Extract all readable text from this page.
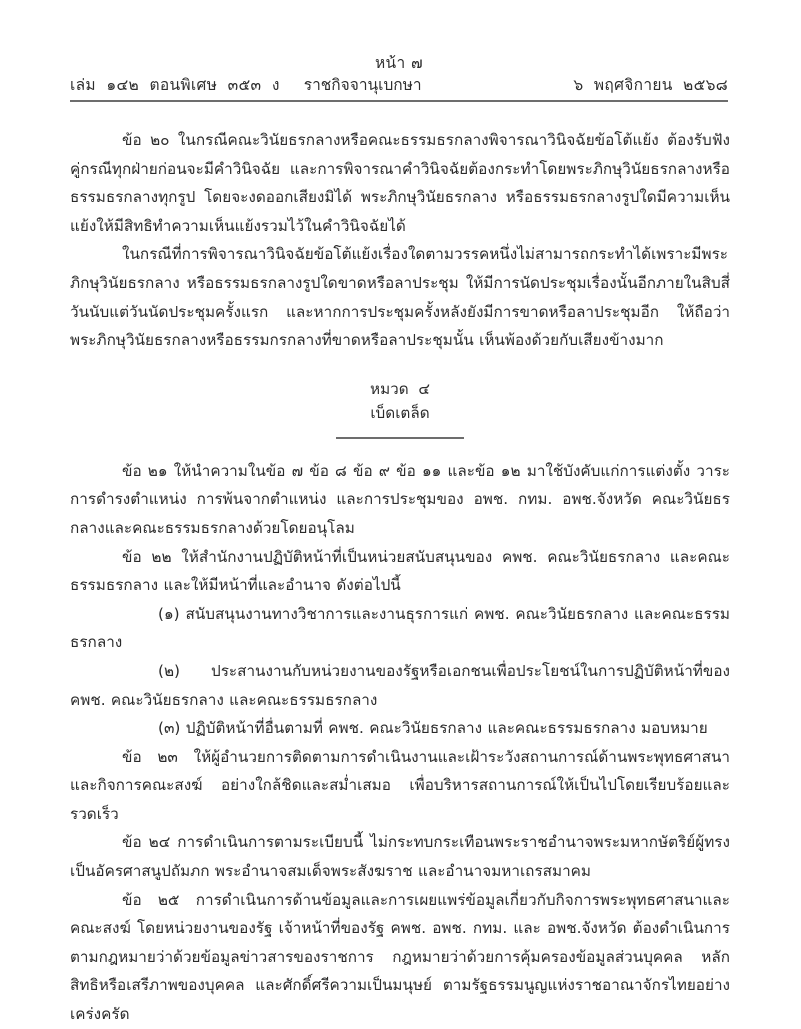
หน้า ๗
เล่ม  ๑๔๒  ตอนพิเศษ  ๓๕๓  ง ราชกิจจานุเบกษา	๖  พฤศจิกายน  ๒๕๖๘

ข้อ ๒๐ ในกรณีคณะวินัยธรกลางหรือคณะธรรมธรกลางพิจารณาวินิจฉัยข้อโต้แย้ง ต้องรับฟังคู่กรณีทุกฝ่ายก่อนจะมีคำวินิจฉัย และการพิจารณาคำวินิจฉัยต้องกระทำโดยพระภิกษุวินัยธรกลางหรือธรรมธรกลางทุกรูป โดยจะงดออกเสียงมิได้ พระภิกษุวินัยธรกลาง หรือธรรมธรกลางรูปใดมีความเห็นแย้งให้มีสิทธิทำความเห็นแย้งรวมไว้ในคำวินิจฉัยได้

ในกรณีที่การพิจารณาวินิจฉัยข้อโต้แย้งเรื่องใดตามวรรคหนึ่งไม่สามารถกระทำได้เพราะมีพระภิกษุวินัยธรกลาง หรือธรรมธรกลางรูปใดขาดหรือลาประชุม ให้มีการนัดประชุมเรื่องนั้นอีกภายในสิบสี่วันนับแต่วันนัดประชุมครั้งแรก และหากการประชุมครั้งหลังยังมีการขาดหรือลาประชุมอีก ให้ถือว่าพระภิกษุวินัยธรกลางหรือธรรมกรกลางที่ขาดหรือลาประชุมนั้น เห็นพ้องด้วยกับเสียงข้างมาก

หมวด  ๔
เบ็ดเตล็ด

ข้อ ๒๑ ให้นำความในข้อ ๗ ข้อ ๘ ข้อ ๙ ข้อ ๑๑ และข้อ ๑๒ มาใช้บังคับแก่การแต่งตั้ง วาระการดำรงตำแหน่ง การพ้นจากตำแหน่ง และการประชุมของ อพช. กทม. อพช.จังหวัด คณะวินัยธรกลางและคณะธรรมธรกลางด้วยโดยอนุโลม

ข้อ ๒๒ ให้สำนักงานปฏิบัติหน้าที่เป็นหน่วยสนับสนุนของ คพช. คณะวินัยธรกลาง และคณะธรรมธรกลาง และให้มีหน้าที่และอำนาจ ดังต่อไปนี้

(๑) สนับสนุนงานทางวิชาการและงานธุรการแก่ คพช. คณะวินัยธรกลาง และคณะธรรมธรกลาง

(๒) ประสานงานกับหน่วยงานของรัฐหรือเอกชนเพื่อประโยชน์ในการปฏิบัติหน้าที่ของ คพช. คณะวินัยธรกลาง และคณะธรรมธรกลาง

(๓) ปฏิบัติหน้าที่อื่นตามที่ คพช. คณะวินัยธรกลาง และคณะธรรมธรกลาง มอบหมาย

ข้อ ๒๓ ให้ผู้อำนวยการติดตามการดำเนินงานและเฝ้าระวังสถานการณ์ด้านพระพุทธศาสนาและกิจการคณะสงฆ์ อย่างใกล้ชิดและสม่ำเสมอ เพื่อบริหารสถานการณ์ให้เป็นไปโดยเรียบร้อยและรวดเร็ว

ข้อ ๒๔ การดำเนินการตามระเบียบนี้ ไม่กระทบกระเทือนพระราชอำนาจพระมหากษัตริย์ผู้ทรงเป็นอัครศาสนูปถัมภก พระอำนาจสมเด็จพระสังฆราช และอำนาจมหาเถรสมาคม

ข้อ ๒๕ การดำเนินการด้านข้อมูลและการเผยแพร่ข้อมูลเกี่ยวกับกิจการพระพุทธศาสนาและคณะสงฆ์ โดยหน่วยงานของรัฐ เจ้าหน้าที่ของรัฐ คพช. อพช. กทม. และ อพช.จังหวัด ต้องดำเนินการตามกฎหมายว่าด้วยข้อมูลข่าวสารของราชการ กฎหมายว่าด้วยการคุ้มครองข้อมูลส่วนบุคคล หลักสิทธิหรือเสรีภาพของบุคคล และศักดิ์ศรีความเป็นมนุษย์ ตามรัฐธรรมนูญแห่งราชอาณาจักรไทยอย่างเคร่งครัด
